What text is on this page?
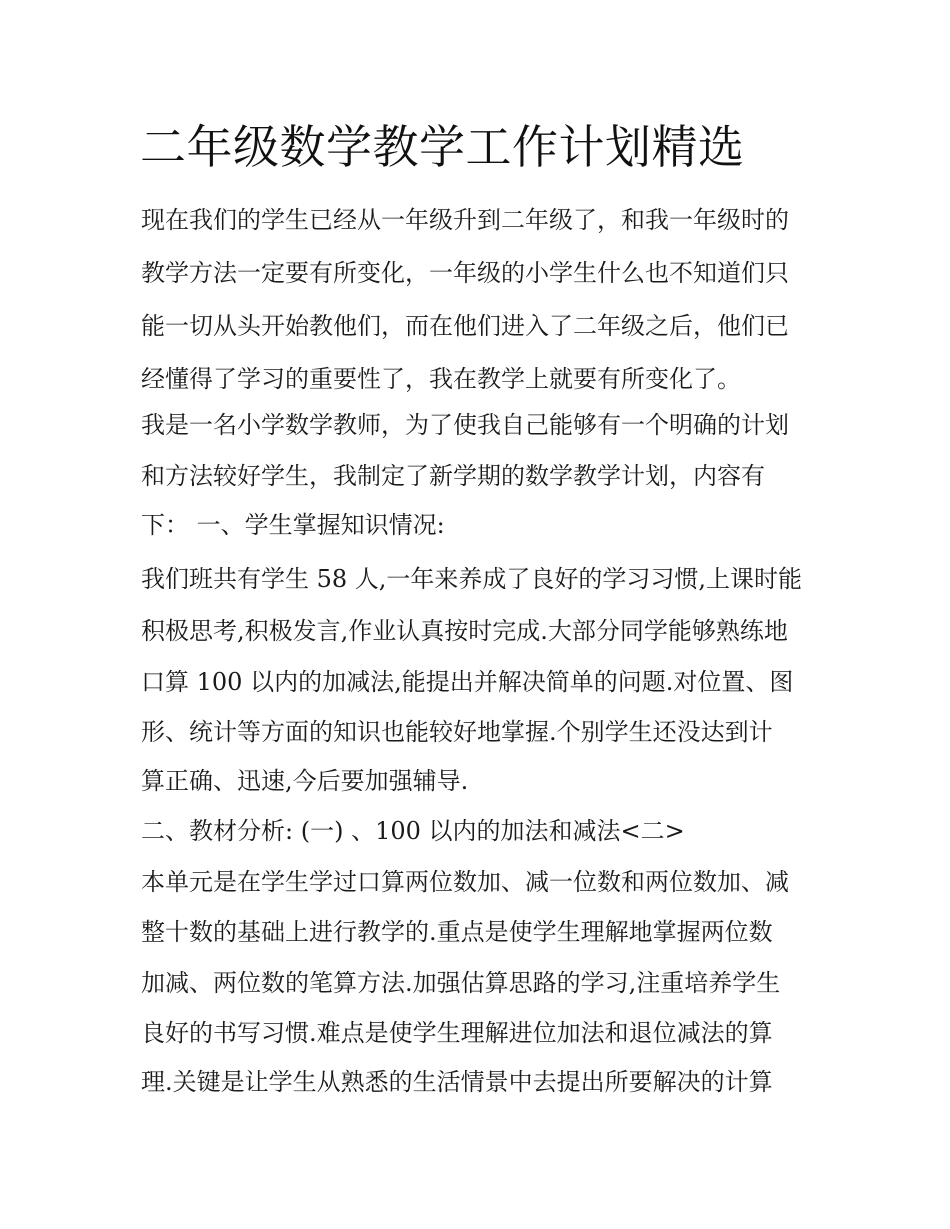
二年级数学教学工作计划精选

现在我们的学生已经从一年级升到二年级了，和我一年级时的

教学方法一定要有所变化，一年级的小学生什么也不知道们只

能一切从头开始教他们，而在他们进入了二年级之后，他们已

经懂得了学习的重要性了，我在教学上就要有所变化了。

我是一名小学数学教师，为了使我自己能够有一个明确的计划

和方法较好学生，我制定了新学期的数学教学计划，内容有

下： 一、学生掌握知识情况:

我们班共有学生 58 人,一年来养成了良好的学习习惯,上课时能

积极思考,积极发言,作业认真按时完成.大部分同学能够熟练地

口算 100 以内的加减法,能提出并解决简单的问题.对位置、图

形、统计等方面的知识也能较好地掌握.个别学生还没达到计

算正确、迅速,今后要加强辅导.

二、教材分析: (一) 、100 以内的加法和减法<二>

本单元是在学生学过口算两位数加、减一位数和两位数加、减

整十数的基础上进行教学的.重点是使学生理解地掌握两位数

加减、两位数的笔算方法.加强估算思路的学习,注重培养学生

良好的书写习惯.难点是使学生理解进位加法和退位减法的算

理.关键是让学生从熟悉的生活情景中去提出所要解决的计算
